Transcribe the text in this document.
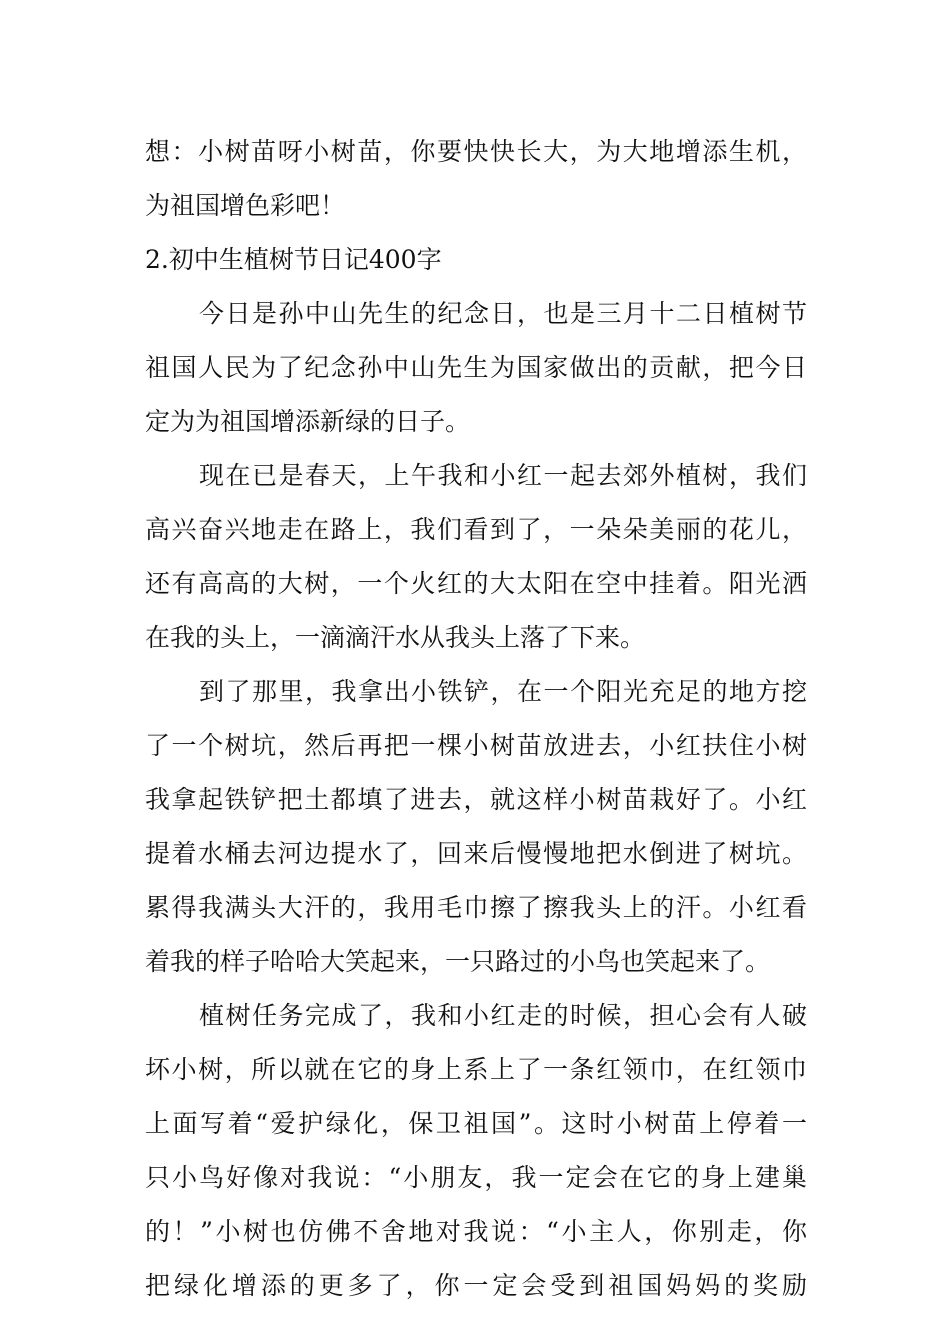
想：小树苗呀小树苗，你要快快长大，为大地增添生机，
为祖国增色彩吧！
2.初中生植树节日记400字
今日是孙中山先生的纪念日，也是三月十二日植树节
祖国人民为了纪念孙中山先生为国家做出的贡献，把今日
定为为祖国增添新绿的日子。
现在已是春天，上午我和小红一起去郊外植树，我们
高兴奋兴地走在路上，我们看到了，一朵朵美丽的花儿，
还有高高的大树，一个火红的大太阳在空中挂着。阳光洒
在我的头上，一滴滴汗水从我头上落了下来。
到了那里，我拿出小铁铲，在一个阳光充足的地方挖
了一个树坑，然后再把一棵小树苗放进去，小红扶住小树
我拿起铁铲把土都填了进去，就这样小树苗栽好了。小红
提着水桶去河边提水了，回来后慢慢地把水倒进了树坑。
累得我满头大汗的，我用毛巾擦了擦我头上的汗。小红看
着我的样子哈哈大笑起来，一只路过的小鸟也笑起来了。
植树任务完成了，我和小红走的时候，担心会有人破
坏小树，所以就在它的身上系上了一条红领巾，在红领巾
上面写着“爱护绿化，保卫祖国”。这时小树苗上停着一
只小鸟好像对我说：“小朋友，我一定会在它的身上建巢
的！”小树也仿佛不舍地对我说：“小主人，你别走，你
把绿化增添的更多了，你一定会受到祖国妈妈的奖励
